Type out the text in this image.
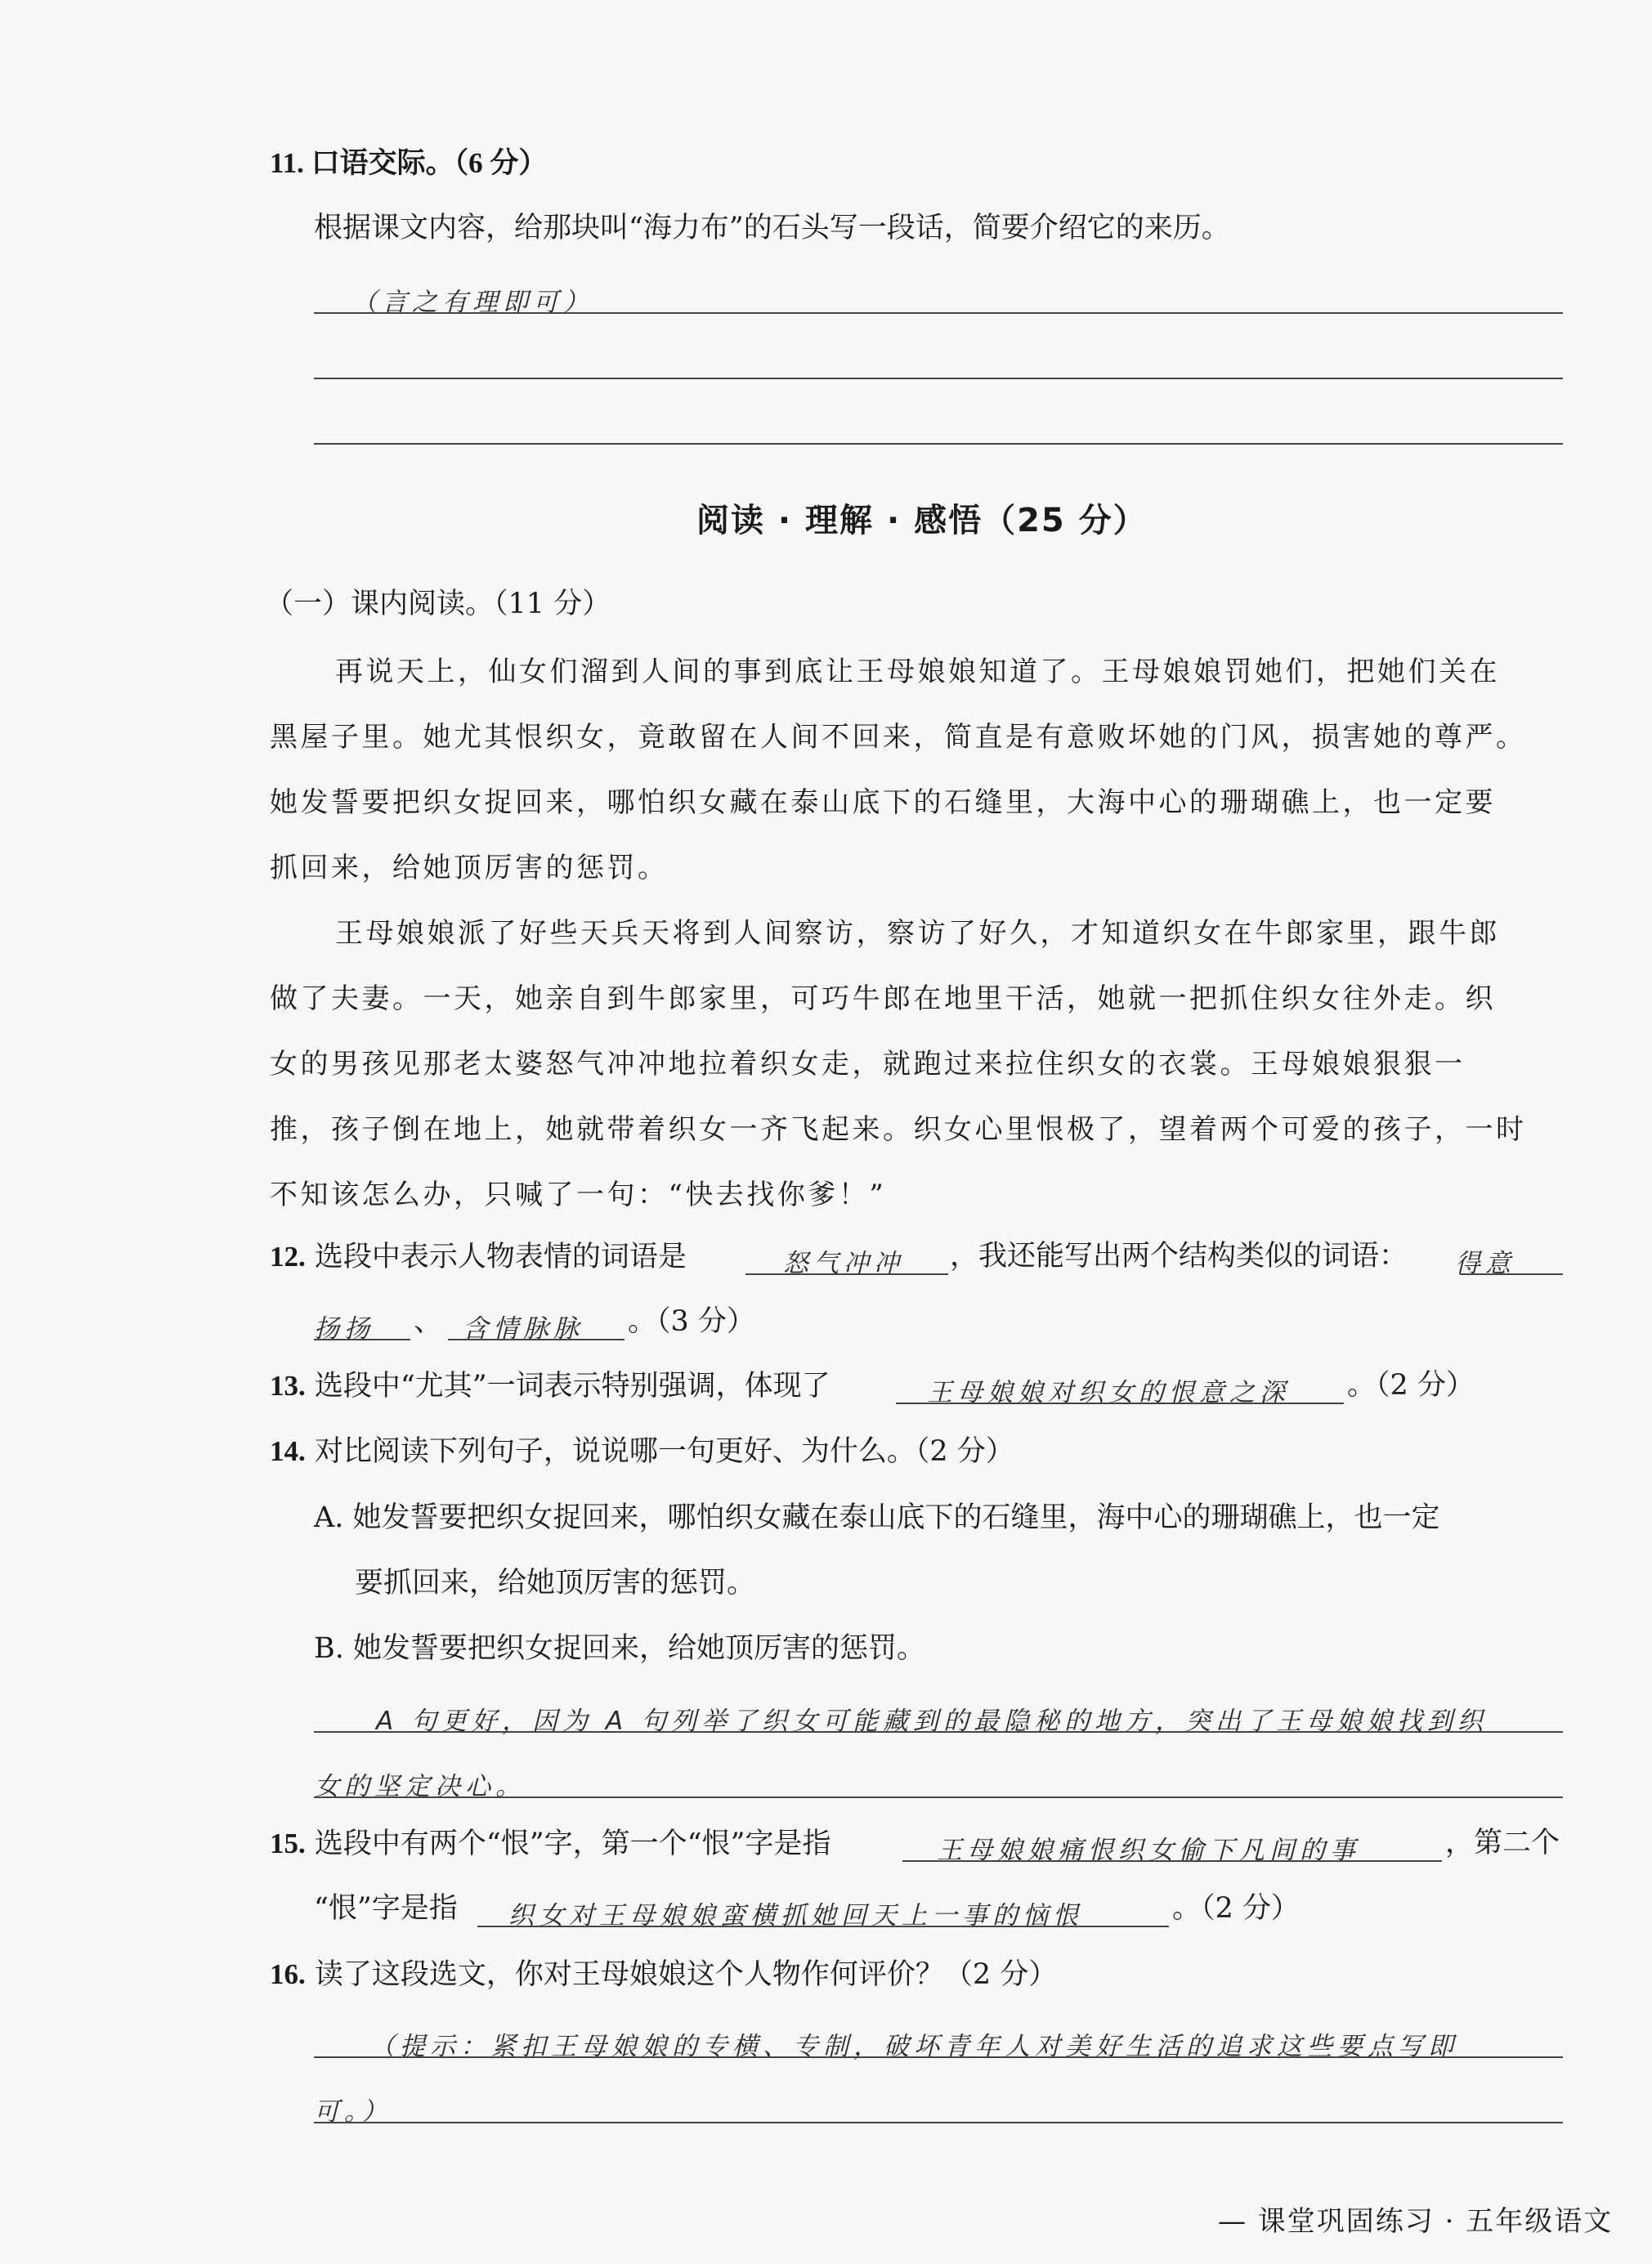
11. 口语交际。（6 分）
根据课文内容，给那块叫“海力布”的石头写一段话，简要介绍它的来历。
（言之有理即可）
阅读 · 理解 · 感悟（25 分）
（一）课内阅读。（11 分）
再说天上，仙女们溜到人间的事到底让王母娘娘知道了。王母娘娘罚她们，把她们关在
黑屋子里。她尤其恨织女，竟敢留在人间不回来，简直是有意败坏她的门风，损害她的尊严。
她发誓要把织女捉回来，哪怕织女藏在泰山底下的石缝里，大海中心的珊瑚礁上，也一定要
抓回来，给她顶厉害的惩罚。
王母娘娘派了好些天兵天将到人间察访，察访了好久，才知道织女在牛郎家里，跟牛郎
做了夫妻。一天，她亲自到牛郎家里，可巧牛郎在地里干活，她就一把抓住织女往外走。织
女的男孩见那老太婆怒气冲冲地拉着织女走，就跑过来拉住织女的衣裳。王母娘娘狠狠一
推，孩子倒在地上，她就带着织女一齐飞起来。织女心里恨极了，望着两个可爱的孩子，一时
不知该怎么办，只喊了一句：“快去找你爹！”
12. 选段中表示人物表情的词语是	怒气冲冲 ，我还能写出两个结构类似的词语： 得意
扬扬 、 含情脉脉 。（3 分）
13. 选段中“尤其”一词表示特别强调，体现了	王母娘娘对织女的恨意之深 。（2 分）
14. 对比阅读下列句子，说说哪一句更好、为什么。（2 分）
A. 她发誓要把织女捉回来，哪怕织女藏在泰山底下的石缝里，海中心的珊瑚礁上，也一定
要抓回来，给她顶厉害的惩罚。
B. 她发誓要把织女捉回来，给她顶厉害的惩罚。
A 句更好，因为 A 句列举了织女可能藏到的最隐秘的地方，突出了王母娘娘找到织
女的坚定决心。
15. 选段中有两个“恨”字，第一个“恨”字是指	王母娘娘痛恨织女偷下凡间的事	，第二个
“恨”字是指 织女对王母娘娘蛮横抓她回天上一事的恼恨	。（2 分）
16. 读了这段选文，你对王母娘娘这个人物作何评价？（2 分）
（提示：紧扣王母娘娘的专横、专制，破坏青年人对美好生活的追求这些要点写即
可。）
— 课堂巩固练习 · 五年级语文
